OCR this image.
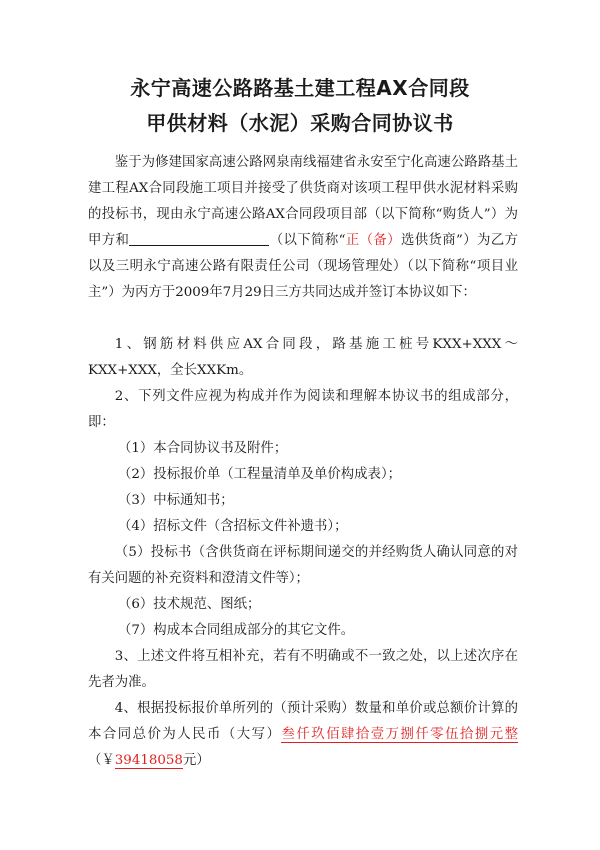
永宁高速公路路基土建工程AX合同段
甲供材料（水泥）采购合同协议书

鉴于为修建国家高速公路网泉南线福建省永安至宁化高速公路路基土建工程AX合同段施工项目并接受了供货商对该项工程甲供水泥材料采购的投标书，现由永宁高速公路AX合同段项目部（以下简称“购货人”）为甲方和	（以下简称“正（备）选供货商”）为乙方以及三明永宁高速公路有限责任公司（现场管理处）（以下简称“项目业主”）为丙方于2009年7月29日三方共同达成并签订本协议如下：

1、钢筋材料供应AX合同段，路基施工桩号KXX+XXX～KXX+XXX，全长XXKm。

2、下列文件应视为构成并作为阅读和理解本协议书的组成部分，即：

（1）本合同协议书及附件；

（2）投标报价单（工程量清单及单价构成表）；

（3）中标通知书；

（4）招标文件（含招标文件补遗书）；

（5）投标书（含供货商在评标期间递交的并经购货人确认同意的对有关问题的补充资料和澄清文件等）；

（6）技术规范、图纸；

（7）构成本合同组成部分的其它文件。

3、上述文件将互相补充，若有不明确或不一致之处，以上述次序在先者为准。

4、根据投标报价单所列的（预计采购）数量和单价或总额价计算的本合同总价为人民币（大写）叁仟玖佰肆拾壹万捌仟零伍拾捌元整（￥39418058元）
